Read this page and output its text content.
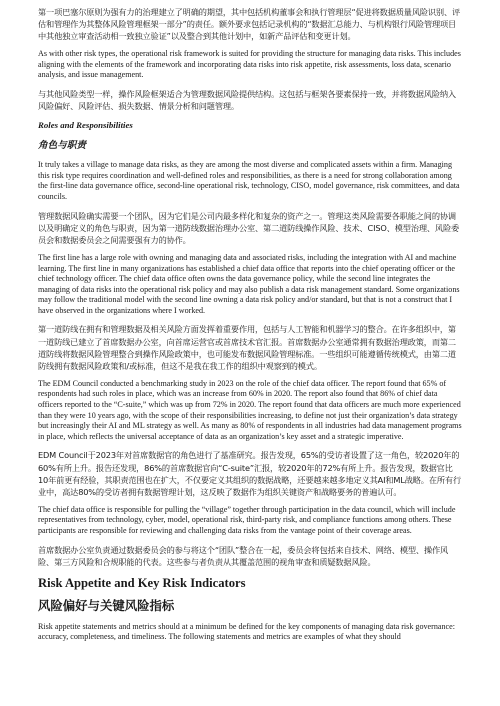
第一项巴塞尔原则为强有力的治理建立了明确的期望，其中包括机构董事会和执行管理层“促进将数据质量风险识别、评估和管理作为其整体风险管理框架一部分”的责任。额外要求包括记录机构的“数据汇总能力、与机构银行风险管理项目中其他独立审查活动相一致独立验证”以及整合到其他计划中，如新产品评估和变更计划。

As with other risk types, the operational risk framework is suited for providing the structure for managing data risks. This includes aligning with the elements of the framework and incorporating data risks into risk appetite, risk assessments, loss data, scenario analysis, and issue management.

与其他风险类型一样，操作风险框架适合为管理数据风险提供结构。这包括与框架各要素保持一致，并将数据风险纳入风险偏好、风险评估、损失数据、情景分析和问题管理。

Roles and Responsibilities

角色与职责

It truly takes a village to manage data risks, as they are among the most diverse and complicated assets within a firm. Managing this risk type requires coordination and well-defined roles and responsibilities, as there is a need for strong collaboration among the first-line data governance office, second-line operational risk, technology, CISO, model governance, risk committees, and data councils.

管理数据风险确实需要一个团队，因为它们是公司内最多样化和复杂的资产之一。管理这类风险需要各职能之间的协调以及明确定义的角色与职责，因为第一道防线数据治理办公室、第二道防线操作风险、技术、CISO、模型治理、风险委员会和数据委员会之间需要强有力的协作。

The first line has a large role with owning and managing data and associated risks, including the integration with AI and machine learning. The first line in many organizations has established a chief data office that reports into the chief operating officer or the chief technology officer. The chief data office often owns the data governance policy, while the second line integrates the managing of data risks into the operational risk policy and may also publish a data risk management standard. Some organizations may follow the traditional model with the second line owning a data risk policy and/or standard, but that is not a construct that I have observed in the organizations where I worked.

第一道防线在拥有和管理数据及相关风险方面发挥着重要作用，包括与人工智能和机器学习的整合。在许多组织中，第一道防线已建立了首席数据办公室，向首席运营官或首席技术官汇报。首席数据办公室通常拥有数据治理政策，而第二道防线将数据风险管理整合到操作风险政策中，也可能发布数据风险管理标准。一些组织可能遵循传统模式，由第二道防线拥有数据风险政策和/或标准，但这不是我在我工作的组织中观察到的模式。

The EDM Council conducted a benchmarking study in 2023 on the role of the chief data officer. The report found that 65% of respondents had such roles in place, which was an increase from 60% in 2020. The report also found that 86% of chief data officers reported to the “C-suite,” which was up from 72% in 2020. The report found that data officers are much more experienced than they were 10 years ago, with the scope of their responsibilities increasing, to define not just their organization’s data strategy but increasingly their AI and ML strategy as well. As many as 80% of respondents in all industries had data management programs in place, which reflects the universal acceptance of data as an organization’s key asset and a strategic imperative.

EDM Council于2023年对首席数据官的角色进行了基准研究。报告发现，65%的受访者设置了这一角色，较2020年的60%有所上升。报告还发现，86%的首席数据官向“C-suite”汇报，较2020年的72%有所上升。报告发现，数据官比10年前更有经验，其职责范围也在扩大，不仅要定义其组织的数据战略，还要越来越多地定义其AI和ML战略。在所有行业中，高达80%的受访者拥有数据管理计划，这反映了数据作为组织关键资产和战略要务的普遍认可。

The chief data office is responsible for pulling the “village” together through participation in the data council, which will include representatives from technology, cyber, model, operational risk, third-party risk, and compliance functions among others. These participants are responsible for reviewing and challenging data risks from the vantage point of their coverage areas.

首席数据办公室负责通过数据委员会的参与将这个“团队”整合在一起，委员会将包括来自技术、网络、模型、操作风险、第三方风险和合规职能的代表。这些参与者负责从其覆盖范围的视角审查和质疑数据风险。

Risk Appetite and Key Risk Indicators

风险偏好与关键风险指标

Risk appetite statements and metrics should at a minimum be defined for the key components of managing data risk governance: accuracy, completeness, and timeliness. The following statements and metrics are examples of what they should
